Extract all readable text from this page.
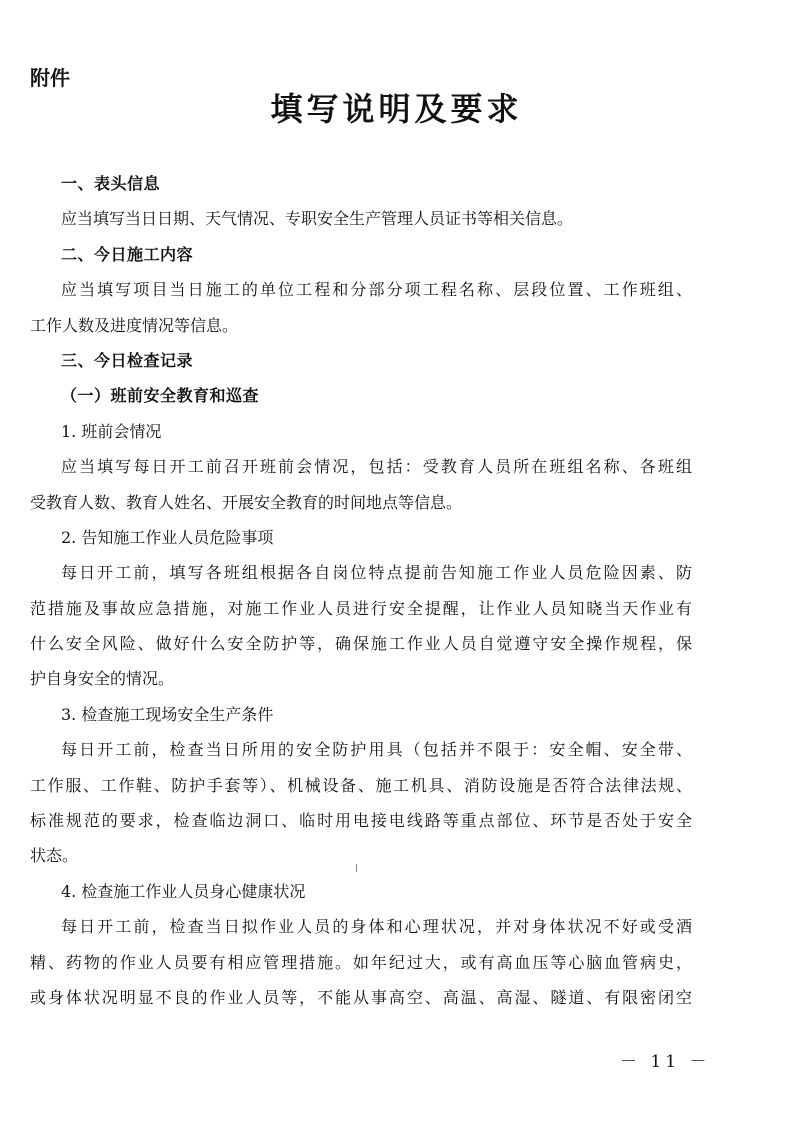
附件
填写说明及要求
一、表头信息
应当填写当日日期、天气情况、专职安全生产管理人员证书等相关信息。
二、今日施工内容
应当填写项目当日施工的单位工程和分部分项工程名称、层段位置、工作班组、
工作人数及进度情况等信息。
三、今日检查记录
（一）班前安全教育和巡查
1. 班前会情况
应当填写每日开工前召开班前会情况，包括：受教育人员所在班组名称、各班组
受教育人数、教育人姓名、开展安全教育的时间地点等信息。
2. 告知施工作业人员危险事项
每日开工前，填写各班组根据各自岗位特点提前告知施工作业人员危险因素、防
范措施及事故应急措施，对施工作业人员进行安全提醒，让作业人员知晓当天作业有
什么安全风险、做好什么安全防护等，确保施工作业人员自觉遵守安全操作规程，保
护自身安全的情况。
3. 检查施工现场安全生产条件
每日开工前，检查当日所用的安全防护用具（包括并不限于：安全帽、安全带、
工作服、工作鞋、防护手套等）、机械设备、施工机具、消防设施是否符合法律法规、
标准规范的要求，检查临边洞口、临时用电接电线路等重点部位、环节是否处于安全
状态。
4. 检查施工作业人员身心健康状况
每日开工前，检查当日拟作业人员的身体和心理状况，并对身体状况不好或受酒
精、药物的作业人员要有相应管理措施。如年纪过大，或有高血压等心脑血管病史，
或身体状况明显不良的作业人员等，不能从事高空、高温、高湿、隧道、有限密闭空
－ 11 －
